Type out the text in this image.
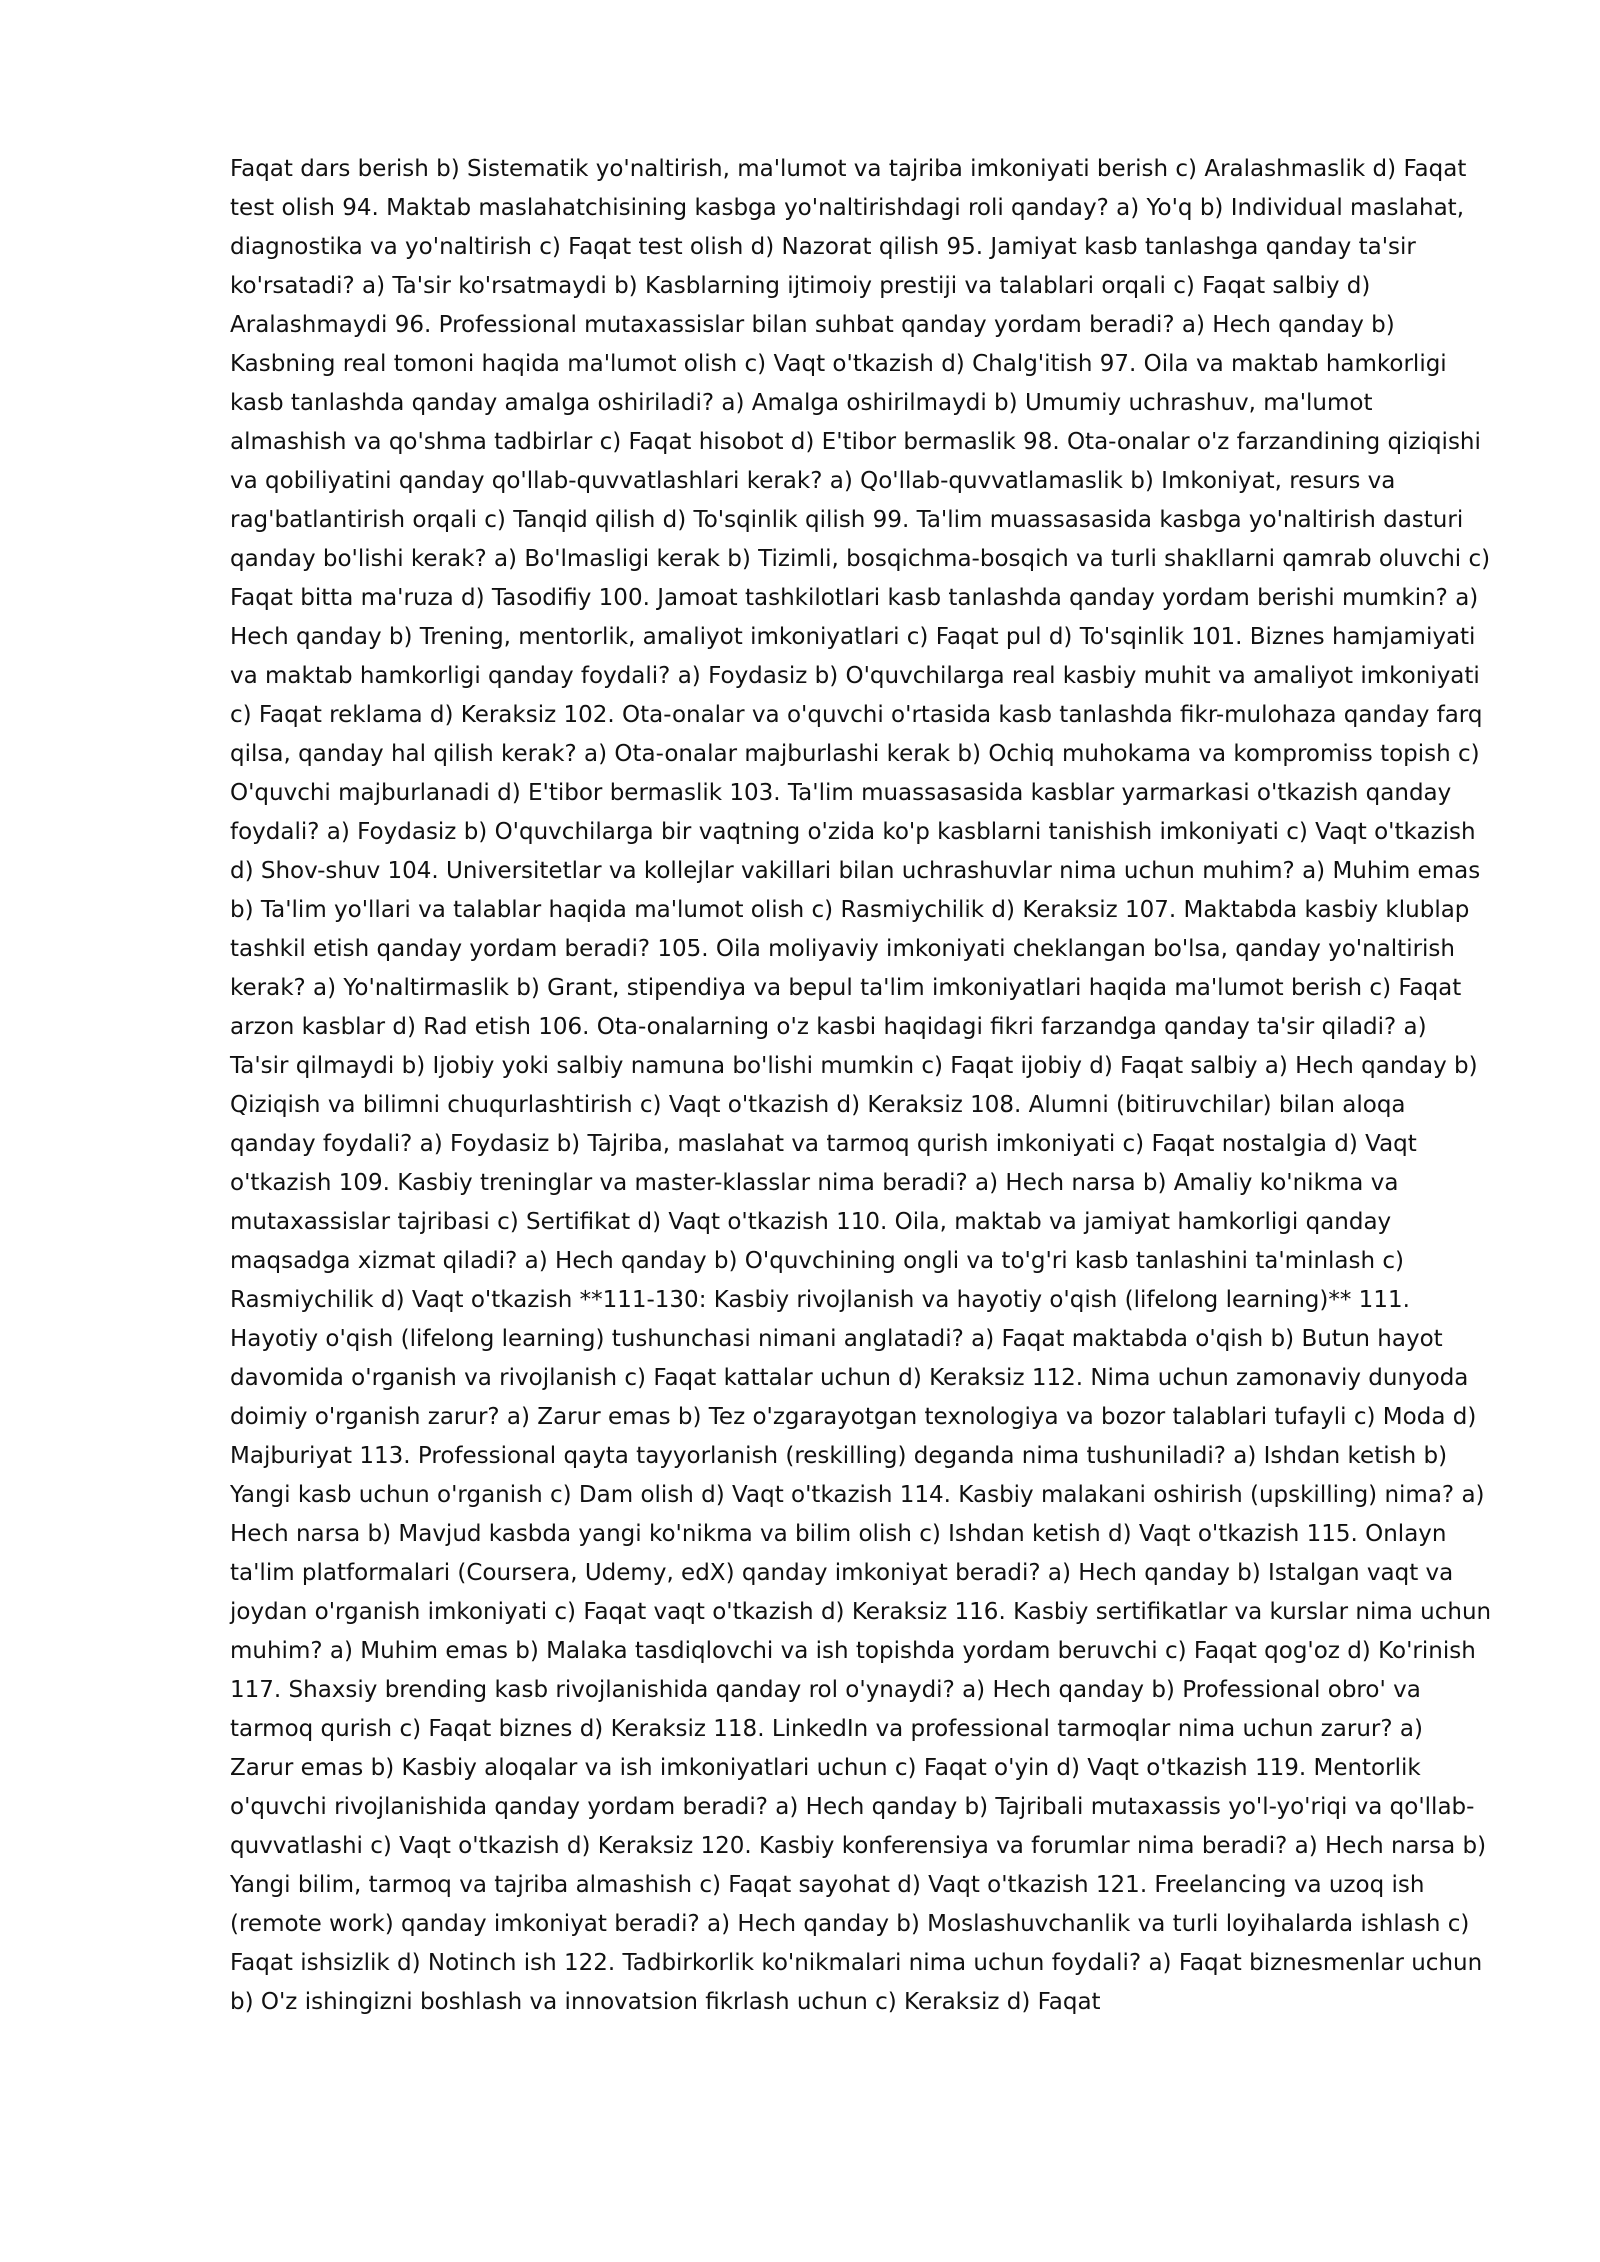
Faqat dars berish b) Sistematik yo'naltirish, ma'lumot va tajriba imkoniyati berish c) Aralashmaslik d) Faqat test olish 94. Maktab maslahatchisining kasbga yo'naltirishdagi roli qanday? a) Yo'q b) Individual maslahat, diagnostika va yo'naltirish c) Faqat test olish d) Nazorat qilish 95. Jamiyat kasb tanlashga qanday ta'sir ko'rsatadi? a) Ta'sir ko'rsatmaydi b) Kasblarning ijtimoiy prestiji va talablari orqali c) Faqat salbiy d) Aralashmaydi 96. Professional mutaxassislar bilan suhbat qanday yordam beradi? a) Hech qanday b) Kasbning real tomoni haqida ma'lumot olish c) Vaqt o'tkazish d) Chalg'itish 97. Oila va maktab hamkorligi kasb tanlashda qanday amalga oshiriladi? a) Amalga oshirilmaydi b) Umumiy uchrashuv, ma'lumot almashish va qo'shma tadbirlar c) Faqat hisobot d) E'tibor bermaslik 98. Ota-onalar o'z farzandining qiziqishi va qobiliyatini qanday qo'llab-quvvatlashlari kerak? a) Qo'llab-quvvatlamaslik b) Imkoniyat, resurs va rag'batlantirish orqali c) Tanqid qilish d) To'sqinlik qilish 99. Ta'lim muassasasida kasbga yo'naltirish dasturi qanday bo'lishi kerak? a) Bo'lmasligi kerak b) Tizimli, bosqichma-bosqich va turli shakllarni qamrab oluvchi c) Faqat bitta ma'ruza d) Tasodifiy 100. Jamoat tashkilotlari kasb tanlashda qanday yordam berishi mumkin? a) Hech qanday b) Trening, mentorlik, amaliyot imkoniyatlari c) Faqat pul d) To'sqinlik 101. Biznes hamjamiyati va maktab hamkorligi qanday foydali? a) Foydasiz b) O'quvchilarga real kasbiy muhit va amaliyot imkoniyati c) Faqat reklama d) Keraksiz 102. Ota-onalar va o'quvchi o'rtasida kasb tanlashda fikr-mulohaza qanday farq qilsa, qanday hal qilish kerak? a) Ota-onalar majburlashi kerak b) Ochiq muhokama va kompromiss topish c) O'quvchi majburlanadi d) E'tibor bermaslik 103. Ta'lim muassasasida kasblar yarmarkasi o'tkazish qanday foydali? a) Foydasiz b) O'quvchilarga bir vaqtning o'zida ko'p kasblarni tanishish imkoniyati c) Vaqt o'tkazish d) Shov-shuv 104. Universitetlar va kollejlar vakillari bilan uchrashuvlar nima uchun muhim? a) Muhim emas b) Ta'lim yo'llari va talablar haqida ma'lumot olish c) Rasmiychilik d) Keraksiz 107. Maktabda kasbiy klublap tashkil etish qanday yordam beradi? 105. Oila moliyaviy imkoniyati cheklangan bo'lsa, qanday yo'naltirish kerak? a) Yo'naltirmaslik b) Grant, stipendiya va bepul ta'lim imkoniyatlari haqida ma'lumot berish c) Faqat arzon kasblar d) Rad etish 106. Ota-onalarning o'z kasbi haqidagi fikri farzandga qanday ta'sir qiladi? a) Ta'sir qilmaydi b) Ijobiy yoki salbiy namuna bo'lishi mumkin c) Faqat ijobiy d) Faqat salbiy a) Hech qanday b) Qiziqish va bilimni chuqurlashtirish c) Vaqt o'tkazish d) Keraksiz 108. Alumni (bitiruvchilar) bilan aloqa qanday foydali? a) Foydasiz b) Tajriba, maslahat va tarmoq qurish imkoniyati c) Faqat nostalgia d) Vaqt o'tkazish 109. Kasbiy treninglar va master-klasslar nima beradi? a) Hech narsa b) Amaliy ko'nikma va mutaxassislar tajribasi c) Sertifikat d) Vaqt o'tkazish 110. Oila, maktab va jamiyat hamkorligi qanday maqsadga xizmat qiladi? a) Hech qanday b) O'quvchining ongli va to'g'ri kasb tanlashini ta'minlash c) Rasmiychilik d) Vaqt o'tkazish **111-130: Kasbiy rivojlanish va hayotiy o'qish (lifelong learning)** 111. Hayotiy o'qish (lifelong learning) tushunchasi nimani anglatadi? a) Faqat maktabda o'qish b) Butun hayot davomida o'rganish va rivojlanish c) Faqat kattalar uchun d) Keraksiz 112. Nima uchun zamonaviy dunyoda doimiy o'rganish zarur? a) Zarur emas b) Tez o'zgarayotgan texnologiya va bozor talablari tufayli c) Moda d) Majburiyat 113. Professional qayta tayyorlanish (reskilling) deganda nima tushuniladi? a) Ishdan ketish b) Yangi kasb uchun o'rganish c) Dam olish d) Vaqt o'tkazish 114. Kasbiy malakani oshirish (upskilling) nima? a) Hech narsa b) Mavjud kasbda yangi ko'nikma va bilim olish c) Ishdan ketish d) Vaqt o'tkazish 115. Onlayn ta'lim platformalari (Coursera, Udemy, edX) qanday imkoniyat beradi? a) Hech qanday b) Istalgan vaqt va joydan o'rganish imkoniyati c) Faqat vaqt o'tkazish d) Keraksiz 116. Kasbiy sertifikatlar va kurslar nima uchun muhim? a) Muhim emas b) Malaka tasdiqlovchi va ish topishda yordam beruvchi c) Faqat qog'oz d) Ko'rinish 117. Shaxsiy brending kasb rivojlanishida qanday rol o'ynaydi? a) Hech qanday b) Professional obro' va tarmoq qurish c) Faqat biznes d) Keraksiz 118. LinkedIn va professional tarmoqlar nima uchun zarur? a) Zarur emas b) Kasbiy aloqalar va ish imkoniyatlari uchun c) Faqat o'yin d) Vaqt o'tkazish 119. Mentorlik o'quvchi rivojlanishida qanday yordam beradi? a) Hech qanday b) Tajribali mutaxassis yo'l-yo'riqi va qo'llab-quvvatlashi c) Vaqt o'tkazish d) Keraksiz 120. Kasbiy konferensiya va forumlar nima beradi? a) Hech narsa b) Yangi bilim, tarmoq va tajriba almashish c) Faqat sayohat d) Vaqt o'tkazish 121. Freelancing va uzoq ish (remote work) qanday imkoniyat beradi? a) Hech qanday b) Moslashuvchanlik va turli loyihalarda ishlash c) Faqat ishsizlik d) Notinch ish 122. Tadbirkorlik ko'nikmalari nima uchun foydali? a) Faqat biznesmenlar uchun b) O'z ishingizni boshlash va innovatsion fikrlash uchun c) Keraksiz d) Faqat
